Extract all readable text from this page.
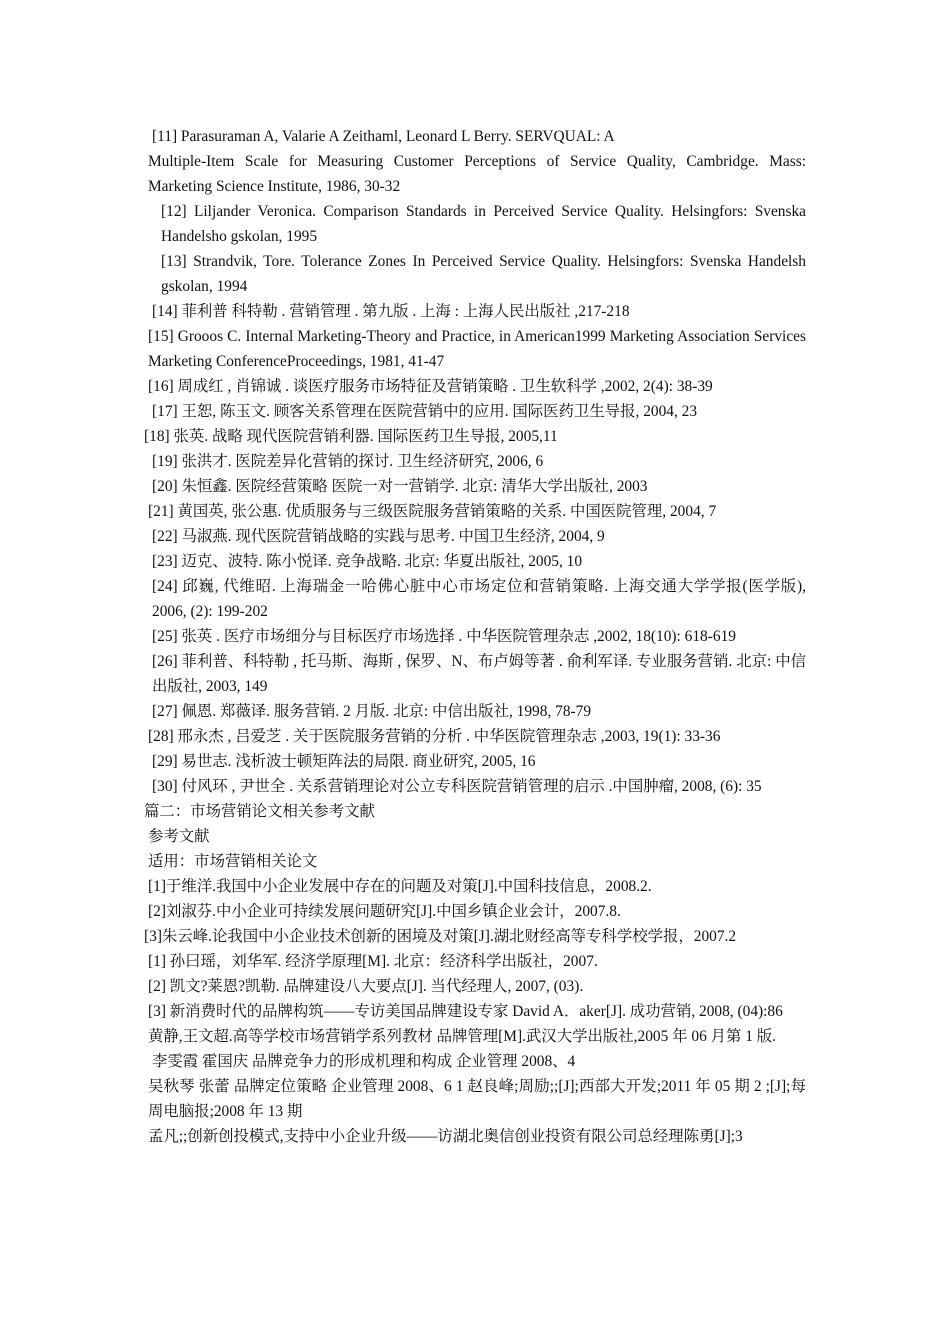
[11] Parasuraman A, Valarie A Zeithaml, Leonard L Berry. SERVQUAL: A

Multiple-Item Scale for Measuring Customer Perceptions of Service Quality, Cambridge. Mass: Marketing Science Institute, 1986, 30-32

[12] Liljander Veronica. Comparison Standards in Perceived Service Quality. Helsingfors: Svenska Handelsho gskolan, 1995

[13] Strandvik, Tore. Tolerance Zones In Perceived Service Quality. Helsingfors: Svenska Handelsh gskolan, 1994

[14] 菲利普 科特勒 . 营销管理 . 第九版 . 上海 : 上海人民出版社 ,217-218

[15] Grooos C. Internal Marketing-Theory and Practice, in American1999 Marketing Association Services Marketing ConferenceProceedings, 1981, 41-47

[16] 周成红 , 肖锦诚 . 谈医疗服务市场特征及营销策略 . 卫生软科学 ,2002, 2(4): 38-39

[17] 王恕, 陈玉文. 顾客关系管理在医院营销中的应用. 国际医药卫生导报, 2004, 23

[18] 张英. 战略 现代医院营销利器. 国际医药卫生导报, 2005,11

[19] 张洪才. 医院差异化营销的探讨. 卫生经济研究, 2006, 6

[20] 朱恒鑫. 医院经营策略 医院一对一营销学. 北京: 清华大学出版社, 2003

[21] 黄国英, 张公惠. 优质服务与三级医院服务营销策略的关系. 中国医院管理, 2004, 7

[22] 马淑燕. 现代医院营销战略的实践与思考. 中国卫生经济, 2004, 9

[23] 迈克、波特. 陈小悦译. 竞争战略. 北京: 华夏出版社, 2005, 10

[24] 邱巍, 代维昭. 上海瑞金一哈佛心脏中心市场定位和营销策略. 上海交通大学学报(医学版), 2006, (2): 199-202

[25] 张英 . 医疗市场细分与目标医疗市场选择 . 中华医院管理杂志 ,2002, 18(10): 618-619

[26] 菲利普、科特勒 , 托马斯、海斯 , 保罗、N、布卢姆等著 . 俞利军译. 专业服务营销. 北京: 中信出版社, 2003, 149

[27] 佩恩. 郑薇译. 服务营销. 2 月版. 北京: 中信出版社, 1998, 78-79

[28] 邢永杰 , 吕爱芝 . 关于医院服务营销的分析 . 中华医院管理杂志 ,2003, 19(1): 33-36

[29] 易世志. 浅析波士顿矩阵法的局限. 商业研究, 2005, 16

[30] 付风环 , 尹世全 . 关系营销理论对公立专科医院营销管理的启示 .中国肿瘤, 2008, (6): 35

篇二：市场营销论文相关参考文献

参考文献

适用：市场营销相关论文

[1]于维洋.我国中小企业发展中存在的问题及对策[J].中国科技信息，2008.2.

[2]刘淑芬.中小企业可持续发展问题研究[J].中国乡镇企业会计，2007.8.

[3]朱云峰.论我国中小企业技术创新的困境及对策[J].湖北财经高等专科学校学报，2007.2

[1] 孙曰瑶，刘华军. 经济学原理[M]. 北京：经济科学出版社，2007.

[2] 凯文?莱恩?凯勒. 品牌建设八大要点[J]. 当代经理人, 2007, (03).

[3] 新消费时代的品牌构筑——专访美国品牌建设专家 David A．aker[J]. 成功营销, 2008, (04):86

黄静,王文超.高等学校市场营销学系列教材 品牌管理[M].武汉大学出版社,2005 年 06 月第 1 版.

李雯霞 霍国庆 品牌竞争力的形成机理和构成 企业管理 2008、4

吴秋琴 张蕾 品牌定位策略 企业管理 2008、6 1 赵良峰;周励;;[J];西部大开发;2011 年 05 期 2 ;[J];每周电脑报;2008 年 13 期

孟凡;;创新创投模式,支持中小企业升级——访湖北奥信创业投资有限公司总经理陈勇[J];3
